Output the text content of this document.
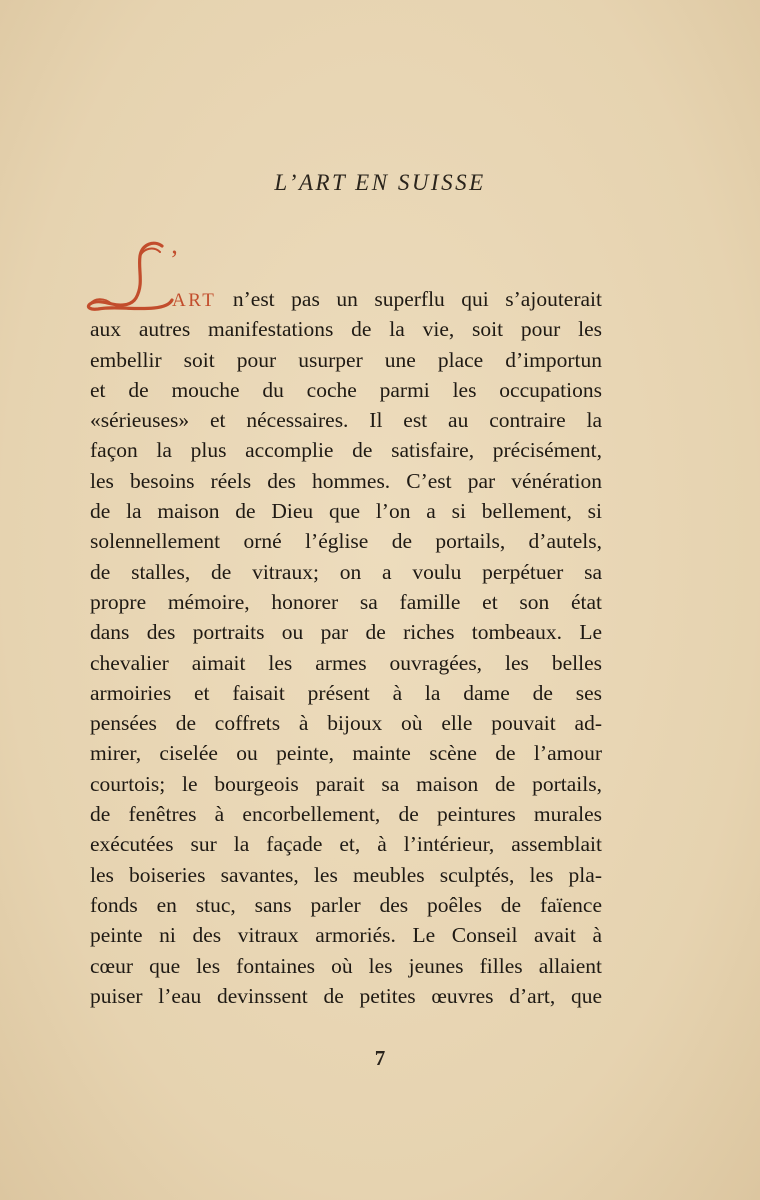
L’ART EN SUISSE
’
ART n’est pas un superflu qui s’ajouterait
aux autres manifestations de la vie, soit pour les
embellir soit pour usurper une place d’importun
et de mouche du coche parmi les occupations
«sérieuses» et nécessaires. Il est au contraire la
façon la plus accomplie de satisfaire, précisément,
les besoins réels des hommes. C’est par vénération
de la maison de Dieu que l’on a si bellement, si
solennellement orné l’église de portails, d’autels,
de stalles, de vitraux; on a voulu perpétuer sa
propre mémoire, honorer sa famille et son état
dans des portraits ou par de riches tombeaux. Le
chevalier aimait les armes ouvragées, les belles
armoiries et faisait présent à la dame de ses
pensées de coffrets à bijoux où elle pouvait ad-
mirer, ciselée ou peinte, mainte scène de l’amour
courtois; le bourgeois parait sa maison de portails,
de fenêtres à encorbellement, de peintures murales
exécutées sur la façade et, à l’intérieur, assemblait
les boiseries savantes, les meubles sculptés, les pla-
fonds en stuc, sans parler des poêles de faïence
peinte ni des vitraux armoriés. Le Conseil avait à
cœur que les fontaines où les jeunes filles allaient
puiser l’eau devinssent de petites œuvres d’art, que
7
